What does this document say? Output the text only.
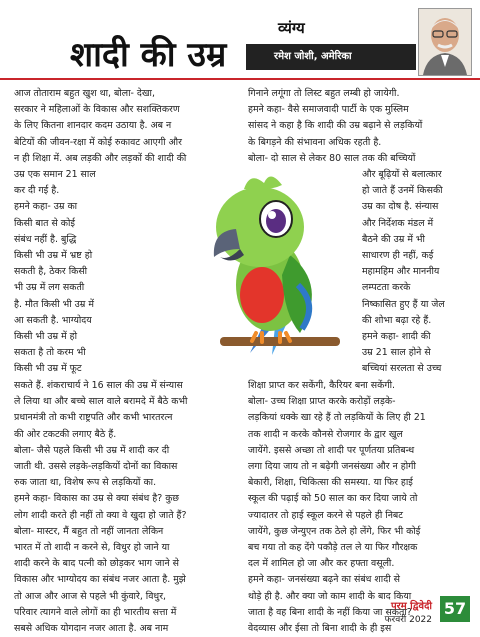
शादी की उम्र
व्यंग्य
रमेश जोशी, अमेरिका
आज तोताराम बहुत खुश था, बोला- देखा,
सरकार ने महिलाओं के विकास और सशक्तिकरण
के लिए कितना शानदार कदम उठाया है. अब न
बेटियों की जीवन-रक्षा में कोई रुकावट आएगी और
न ही शिक्षा में. अब लड़की और लड़कों की शादी की
उम्र एक समान 21 साल
कर दी गई है.
हमने कहा- उम्र का
किसी बात से कोई
संबंध नहीं है. बुद्धि
किसी भी उम्र में भ्रष्ट हो
सकती है, ठेकर किसी
भी उम्र में लग सकती
है. मौत किसी भी उम्र में
आ सकती है. भाग्योदय
किसी भी उम्र में हो
सकता है तो करम भी
किसी भी उम्र में फूट
गिनाने लगूंगा तो लिस्ट बहुत लम्बी हो जायेगी.
हमने कहा- वैसे समाजवादी पार्टी के एक मुस्लिम
सांसद ने कहा है कि शादी की उम्र बढ़ाने से लड़कियों
के बिगड़ने की संभावना अधिक रहती है.
बोला- दो साल से लेकर 80 साल तक की बच्चियों
और बूढ़ियों से बलात्कार
हो जाते हैं उनमें किसकी
उम्र का दोष है. संन्यास
और निर्देशक मंडल में
बैठने की उम्र में भी
साधारण ही नहीं, कई
महामहिम और माननीय
लम्पटता करके
निष्कासित हुए हैं या जेल
की शोभा बढ़ा रहे हैं.
हमने कहा- शादी की
उम्र 21 साल होने से
बच्चियां सरलता से उच्च
सकते हैं. शंकराचार्य ने 16 साल की उम्र में संन्यास
ले लिया था और बच्चे साल वाले बरामदे में बैठे कभी
प्रधानमंत्री तो कभी राष्ट्रपति और कभी भारतरत्न
की ओर टकटकी लगाए बैठे हैं.
बोला- जैसे पहले किसी भी उम्र में शादी कर दी
जाती थी. उससे लड़के-लड़कियों दोनों का विकास
रुक जाता था, विशेष रूप से लड़कियों का.
हमने कहा- विकास का उम्र से क्या संबंध है? कुछ
लोग शादी करते ही नहीं तो क्या वे खुदा हो जाते हैं?
बोला- मास्टर, मैं बहुत तो नहीं जानता लेकिन
भारत में तो शादी न करने से, विधुर हो जाने या
शादी करने के बाद पत्नी को छोड़कर भाग जाने से
विकास और भाग्योदय का संबंध नजर आता है. मुझे
तो आज और आज से पहले भी कुंवारे, विधुर,
परिवार त्यागने वाले लोगों का ही भारतीय सत्ता में
सबसे अधिक योगदान नजर आता है. अब नाम
शिक्षा प्राप्त कर सकेंगी, कैरियर बना सकेंगी.
बोला- उच्च शिक्षा प्राप्त करके करोड़ों लड़के-
लड़कियां धक्के खा रहे हैं तो लड़कियों के लिए ही 21
तक शादी न करके कौनसे रोजगार के द्वार खुल
जायेंगे. इससे अच्छा तो शादी पर पूर्णतया प्रतिबन्ध
लगा दिया जाय तो न बढ़ेगी जनसंख्या और न होगी
बेकारी, शिक्षा, चिकित्सा की समस्या. या फिर हाई
स्कूल की पढ़ाई को 50 साल का कर दिया जाये तो
ज्यादातर तो हाई स्कूल करने से पहले ही निबट
जायेंगे, कुछ जेन्युएन तक ठेले हो लेंगे, फिर भी कोई
बच गया तो कह देंगे पकौड़े तल ले या फिर गौरक्षक
दल में शामिल हो जा और कर हफ्ता वसूली.
हमने कहा- जनसंख्या बढ़ने का संबंध शादी से
थोड़े ही है. और क्या जो काम शादी के बाद किया
जाता है वह बिना शादी के नहीं किया जा सकता?
वेदव्यास और ईसा तो बिना शादी के ही इस
परम द्विवेदी
फरवरी 2022
57
